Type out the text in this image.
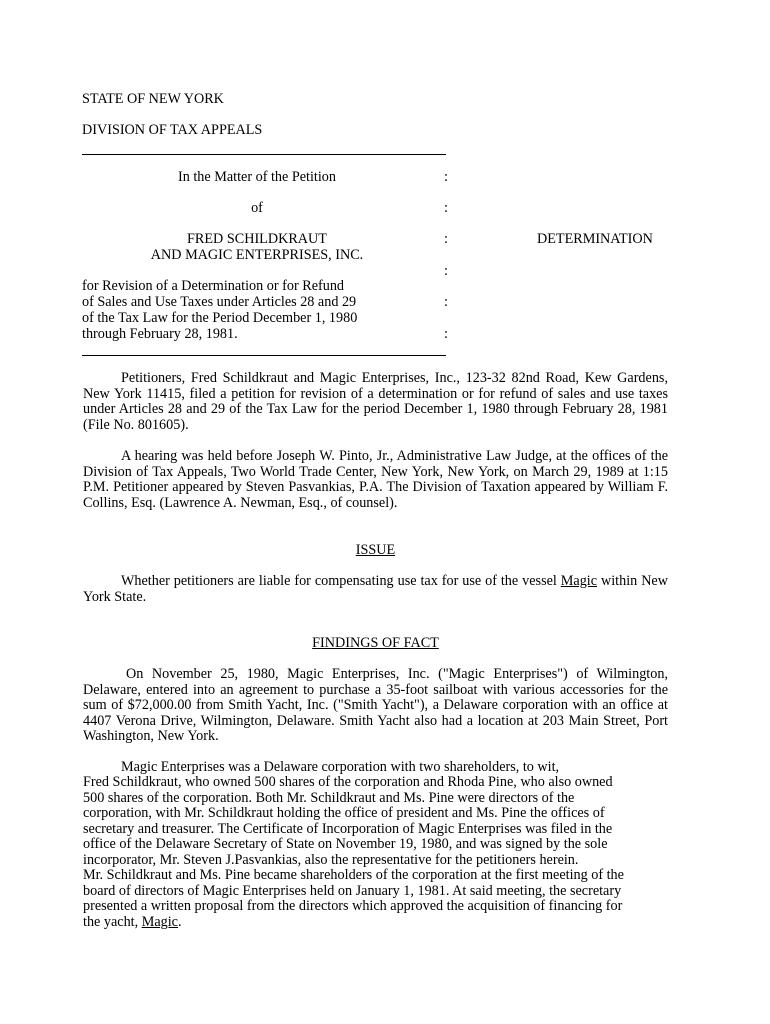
STATE OF NEW YORK
DIVISION OF TAX APPEALS
In the Matter of the Petition
of
FRED SCHILDKRAUT
AND MAGIC ENTERPRISES, INC.
for Revision of a Determination or for Refund
of Sales and Use Taxes under Articles 28 and 29
of the Tax Law for the Period December 1, 1980
through February 28, 1981.
:
:
:
:
:
:
DETERMINATION

Petitioners, Fred Schildkraut and Magic Enterprises, Inc., 123-32 82nd Road, Kew Gardens, New York 11415, filed a petition for revision of a determination or for refund of sales and use taxes under Articles 28 and 29 of the Tax Law for the period December 1, 1980 through February 28, 1981 (File No. 801605).

A hearing was held before Joseph W. Pinto, Jr., Administrative Law Judge, at the offices of the Division of Tax Appeals, Two World Trade Center, New York, New York, on March 29, 1989 at 1:15 P.M. Petitioner appeared by Steven Pasvankias, P.A. The Division of Taxation appeared by William F. Collins, Esq. (Lawrence A. Newman, Esq., of counsel).

ISSUE

Whether petitioners are liable for compensating use tax for use of the vessel Magic within New York State.

FINDINGS OF FACT

On November 25, 1980, Magic Enterprises, Inc. ("Magic Enterprises") of Wilmington, Delaware, entered into an agreement to purchase a 35-foot sailboat with various accessories for the sum of $72,000.00 from Smith Yacht, Inc. ("Smith Yacht"), a Delaware corporation with an office at 4407 Verona Drive, Wilmington, Delaware. Smith Yacht also had a location at 203 Main Street, Port Washington, New York.

Magic Enterprises was a Delaware corporation with two shareholders, to wit,
Fred Schildkraut, who owned 500 shares of the corporation and Rhoda Pine, who also owned
500 shares of the corporation. Both Mr. Schildkraut and Ms. Pine were directors of the
corporation, with Mr. Schildkraut holding the office of president and Ms. Pine the offices of
secretary and treasurer. The Certificate of Incorporation of Magic Enterprises was filed in the
office of the Delaware Secretary of State on November 19, 1980, and was signed by the sole
incorporator, Mr. Steven J.Pasvankias, also the representative for the petitioners herein.
Mr. Schildkraut and Ms. Pine became shareholders of the corporation at the first meeting of the
board of directors of Magic Enterprises held on January 1, 1981. At said meeting, the secretary
presented a written proposal from the directors which approved the acquisition of financing for
the yacht, Magic.
